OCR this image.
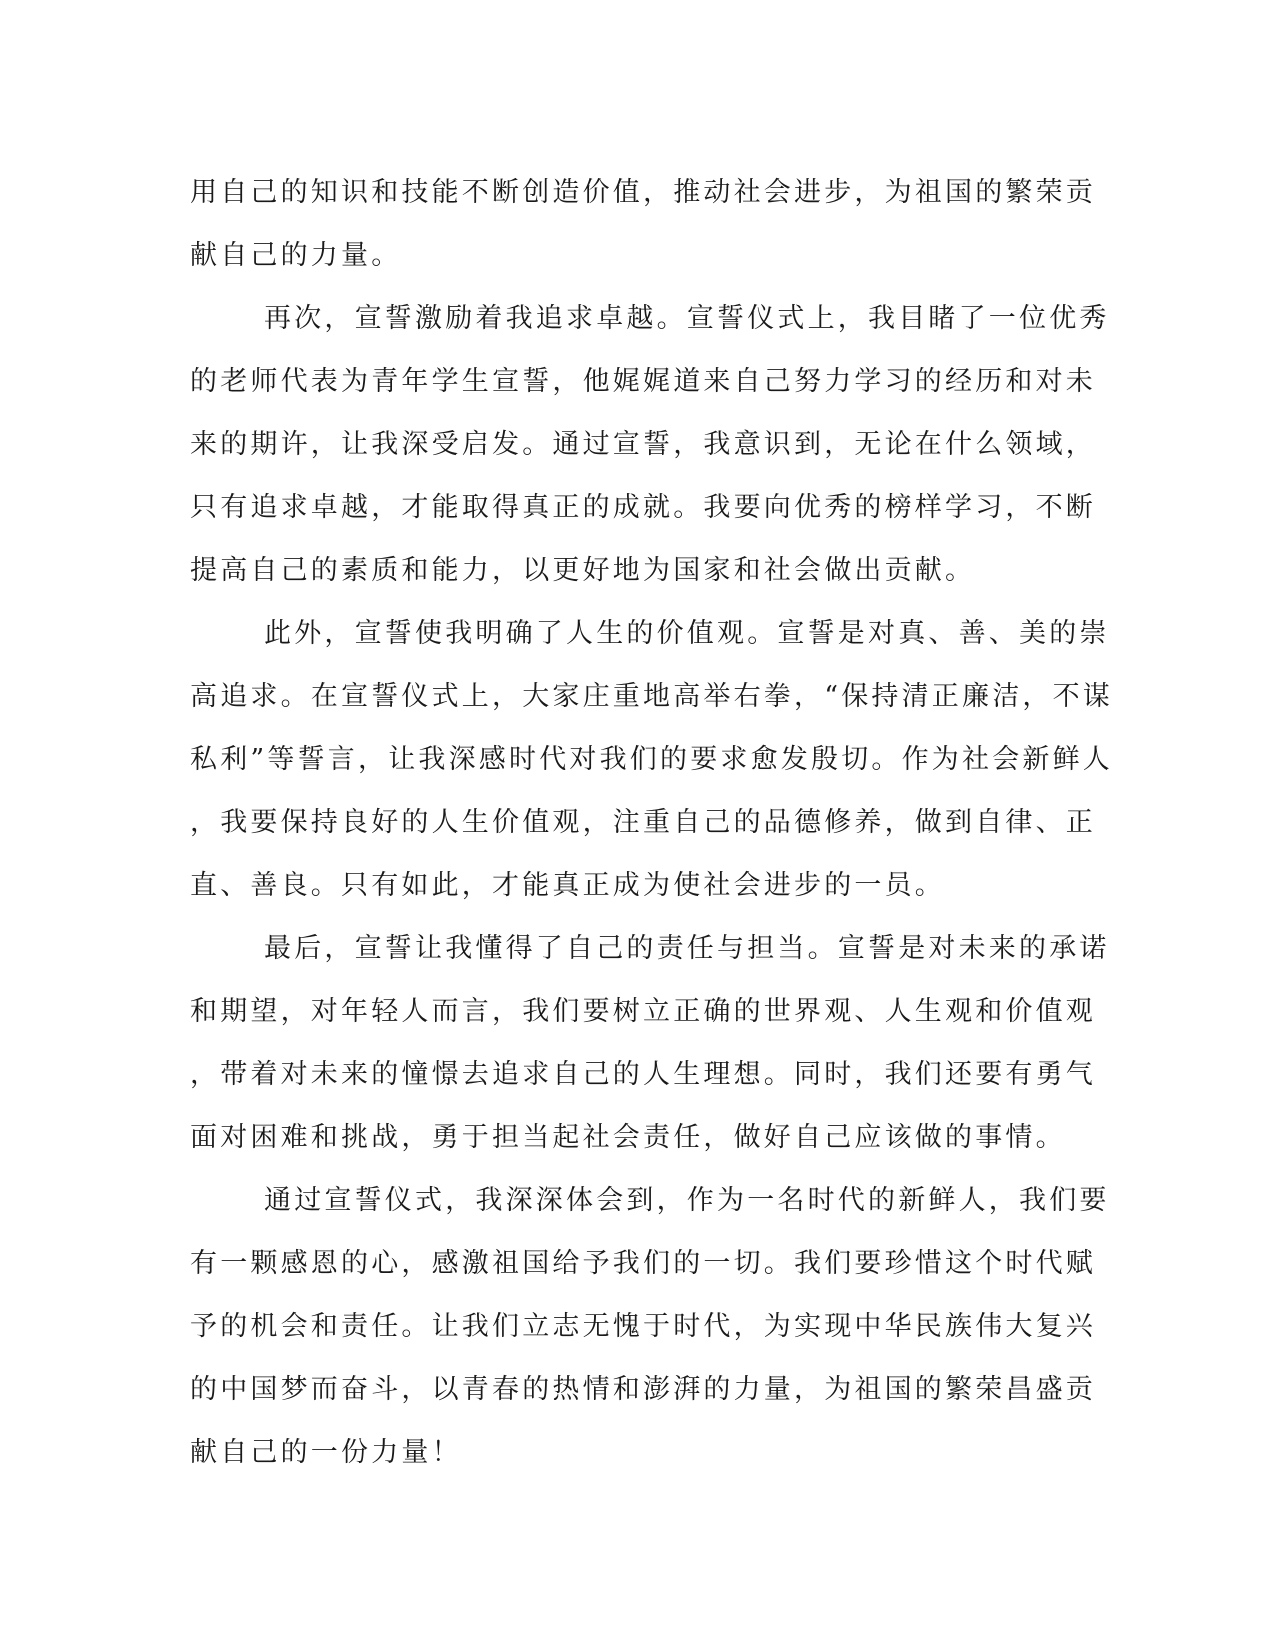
用自己的知识和技能不断创造价值，推动社会进步，为祖国的繁荣贡
献自己的力量。
再次，宣誓激励着我追求卓越。宣誓仪式上，我目睹了一位优秀
的老师代表为青年学生宣誓，他娓娓道来自己努力学习的经历和对未
来的期许，让我深受启发。通过宣誓，我意识到，无论在什么领域，
只有追求卓越，才能取得真正的成就。我要向优秀的榜样学习，不断
提高自己的素质和能力，以更好地为国家和社会做出贡献。
此外，宣誓使我明确了人生的价值观。宣誓是对真、善、美的崇
高追求。在宣誓仪式上，大家庄重地高举右拳，“保持清正廉洁，不谋
私利”等誓言，让我深感时代对我们的要求愈发殷切。作为社会新鲜人
，我要保持良好的人生价值观，注重自己的品德修养，做到自律、正
直、善良。只有如此，才能真正成为使社会进步的一员。
最后，宣誓让我懂得了自己的责任与担当。宣誓是对未来的承诺
和期望，对年轻人而言，我们要树立正确的世界观、人生观和价值观
，带着对未来的憧憬去追求自己的人生理想。同时，我们还要有勇气
面对困难和挑战，勇于担当起社会责任，做好自己应该做的事情。
通过宣誓仪式，我深深体会到，作为一名时代的新鲜人，我们要
有一颗感恩的心，感激祖国给予我们的一切。我们要珍惜这个时代赋
予的机会和责任。让我们立志无愧于时代，为实现中华民族伟大复兴
的中国梦而奋斗，以青春的热情和澎湃的力量，为祖国的繁荣昌盛贡
献自己的一份力量！
